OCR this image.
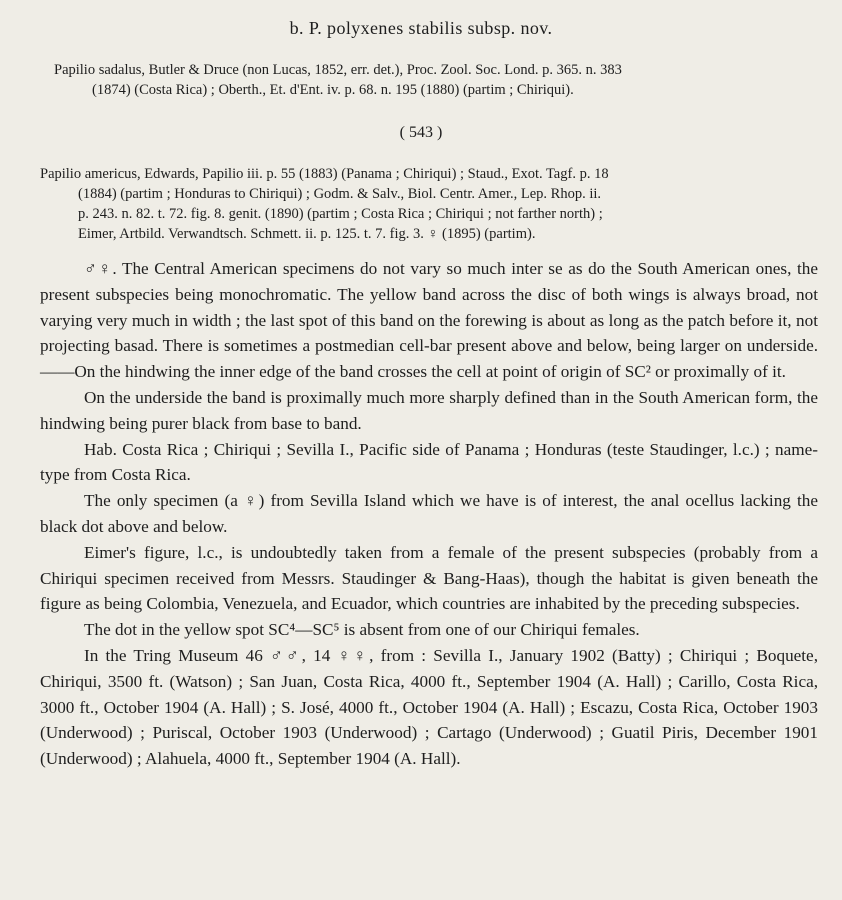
b. P. polyxenes stabilis subsp. nov.
Papilio sadalus, Butler & Druce (non Lucas, 1852, err. det.), Proc. Zool. Soc. Lond. p. 365. n. 383
(1874) (Costa Rica) ; Oberth., Et. d'Ent. iv. p. 68. n. 195 (1880) (partim ; Chiriqui).
( 543 )
Papilio americus, Edwards, Papilio iii. p. 55 (1883) (Panama ; Chiriqui) ; Staud., Exot. Tagf. p. 18
(1884) (partim ; Honduras to Chiriqui) ; Godm. & Salv., Biol. Centr. Amer., Lep. Rhop. ii.
p. 243. n. 82. t. 72. fig. 8. genit. (1890) (partim ; Costa Rica ; Chiriqui ; not farther north) ;
Eimer, Artbild. Verwandtsch. Schmett. ii. p. 125. t. 7. fig. 3. ♀ (1895) (partim).

♂♀. The Central American specimens do not vary so much inter se as do the South American ones, the present subspecies being monochromatic. The yellow band across the disc of both wings is always broad, not varying very much in width ; the last spot of this band on the forewing is about as long as the patch before it, not projecting basad. There is sometimes a postmedian cell-bar present above and below, being larger on underside.——On the hindwing the inner edge of the band crosses the cell at point of origin of SC² or proximally of it.

On the underside the band is proximally much more sharply defined than in the South American form, the hindwing being purer black from base to band.

Hab. Costa Rica ; Chiriqui ; Sevilla I., Pacific side of Panama ; Honduras (teste Staudinger, l.c.) ; name-type from Costa Rica.

The only specimen (a ♀) from Sevilla Island which we have is of interest, the anal ocellus lacking the black dot above and below.

Eimer's figure, l.c., is undoubtedly taken from a female of the present subspecies (probably from a Chiriqui specimen received from Messrs. Staudinger & Bang-Haas), though the habitat is given beneath the figure as being Colombia, Venezuela, and Ecuador, which countries are inhabited by the preceding subspecies.

The dot in the yellow spot SC⁴—SC⁵ is absent from one of our Chiriqui females.

In the Tring Museum 46 ♂♂, 14 ♀♀, from : Sevilla I., January 1902 (Batty) ; Chiriqui ; Boquete, Chiriqui, 3500 ft. (Watson) ; San Juan, Costa Rica, 4000 ft., September 1904 (A. Hall) ; Carillo, Costa Rica, 3000 ft., October 1904 (A. Hall) ; S. José, 4000 ft., October 1904 (A. Hall) ; Escazu, Costa Rica, October 1903 (Underwood) ; Puriscal, October 1903 (Underwood) ; Cartago (Underwood) ; Guatil Piris, December 1901 (Underwood) ; Alahuela, 4000 ft., September 1904 (A. Hall).
